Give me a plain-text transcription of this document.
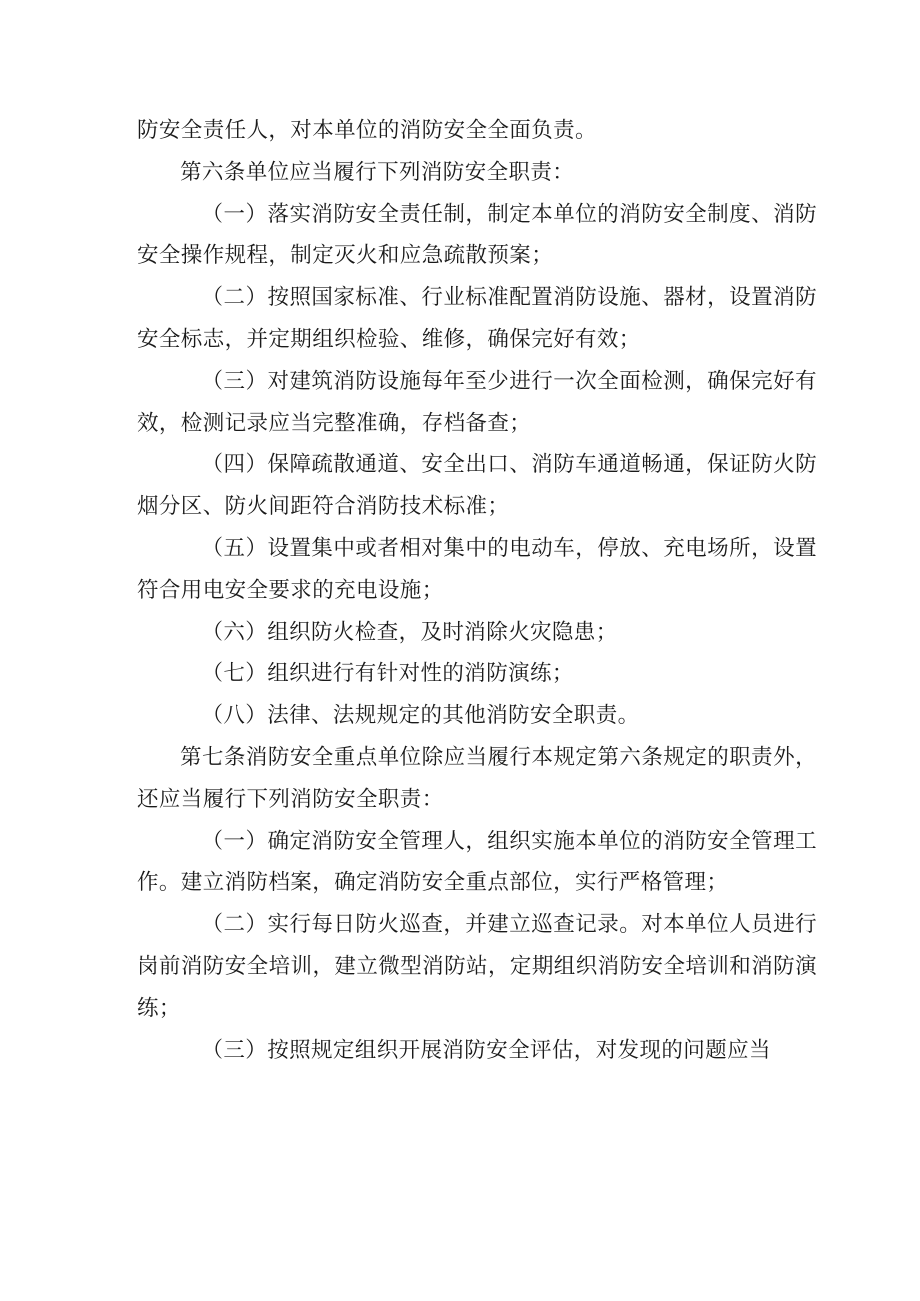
防安全责任人，对本单位的消防安全全面负责。

第六条单位应当履行下列消防安全职责：

（一）落实消防安全责任制，制定本单位的消防安全制度、消防安全操作规程，制定灭火和应急疏散预案；

（二）按照国家标准、行业标准配置消防设施、器材，设置消防安全标志，并定期组织检验、维修，确保完好有效；

（三）对建筑消防设施每年至少进行一次全面检测，确保完好有效，检测记录应当完整准确，存档备查；

（四）保障疏散通道、安全出口、消防车通道畅通，保证防火防烟分区、防火间距符合消防技术标准；

（五）设置集中或者相对集中的电动车，停放、充电场所，设置符合用电安全要求的充电设施；

（六）组织防火检查，及时消除火灾隐患；

（七）组织进行有针对性的消防演练；

（八）法律、法规规定的其他消防安全职责。

第七条消防安全重点单位除应当履行本规定第六条规定的职责外，还应当履行下列消防安全职责：

（一）确定消防安全管理人，组织实施本单位的消防安全管理工作。建立消防档案，确定消防安全重点部位，实行严格管理；

（二）实行每日防火巡查，并建立巡查记录。对本单位人员进行岗前消防安全培训，建立微型消防站，定期组织消防安全培训和消防演练；

（三）按照规定组织开展消防安全评估，对发现的问题应当
